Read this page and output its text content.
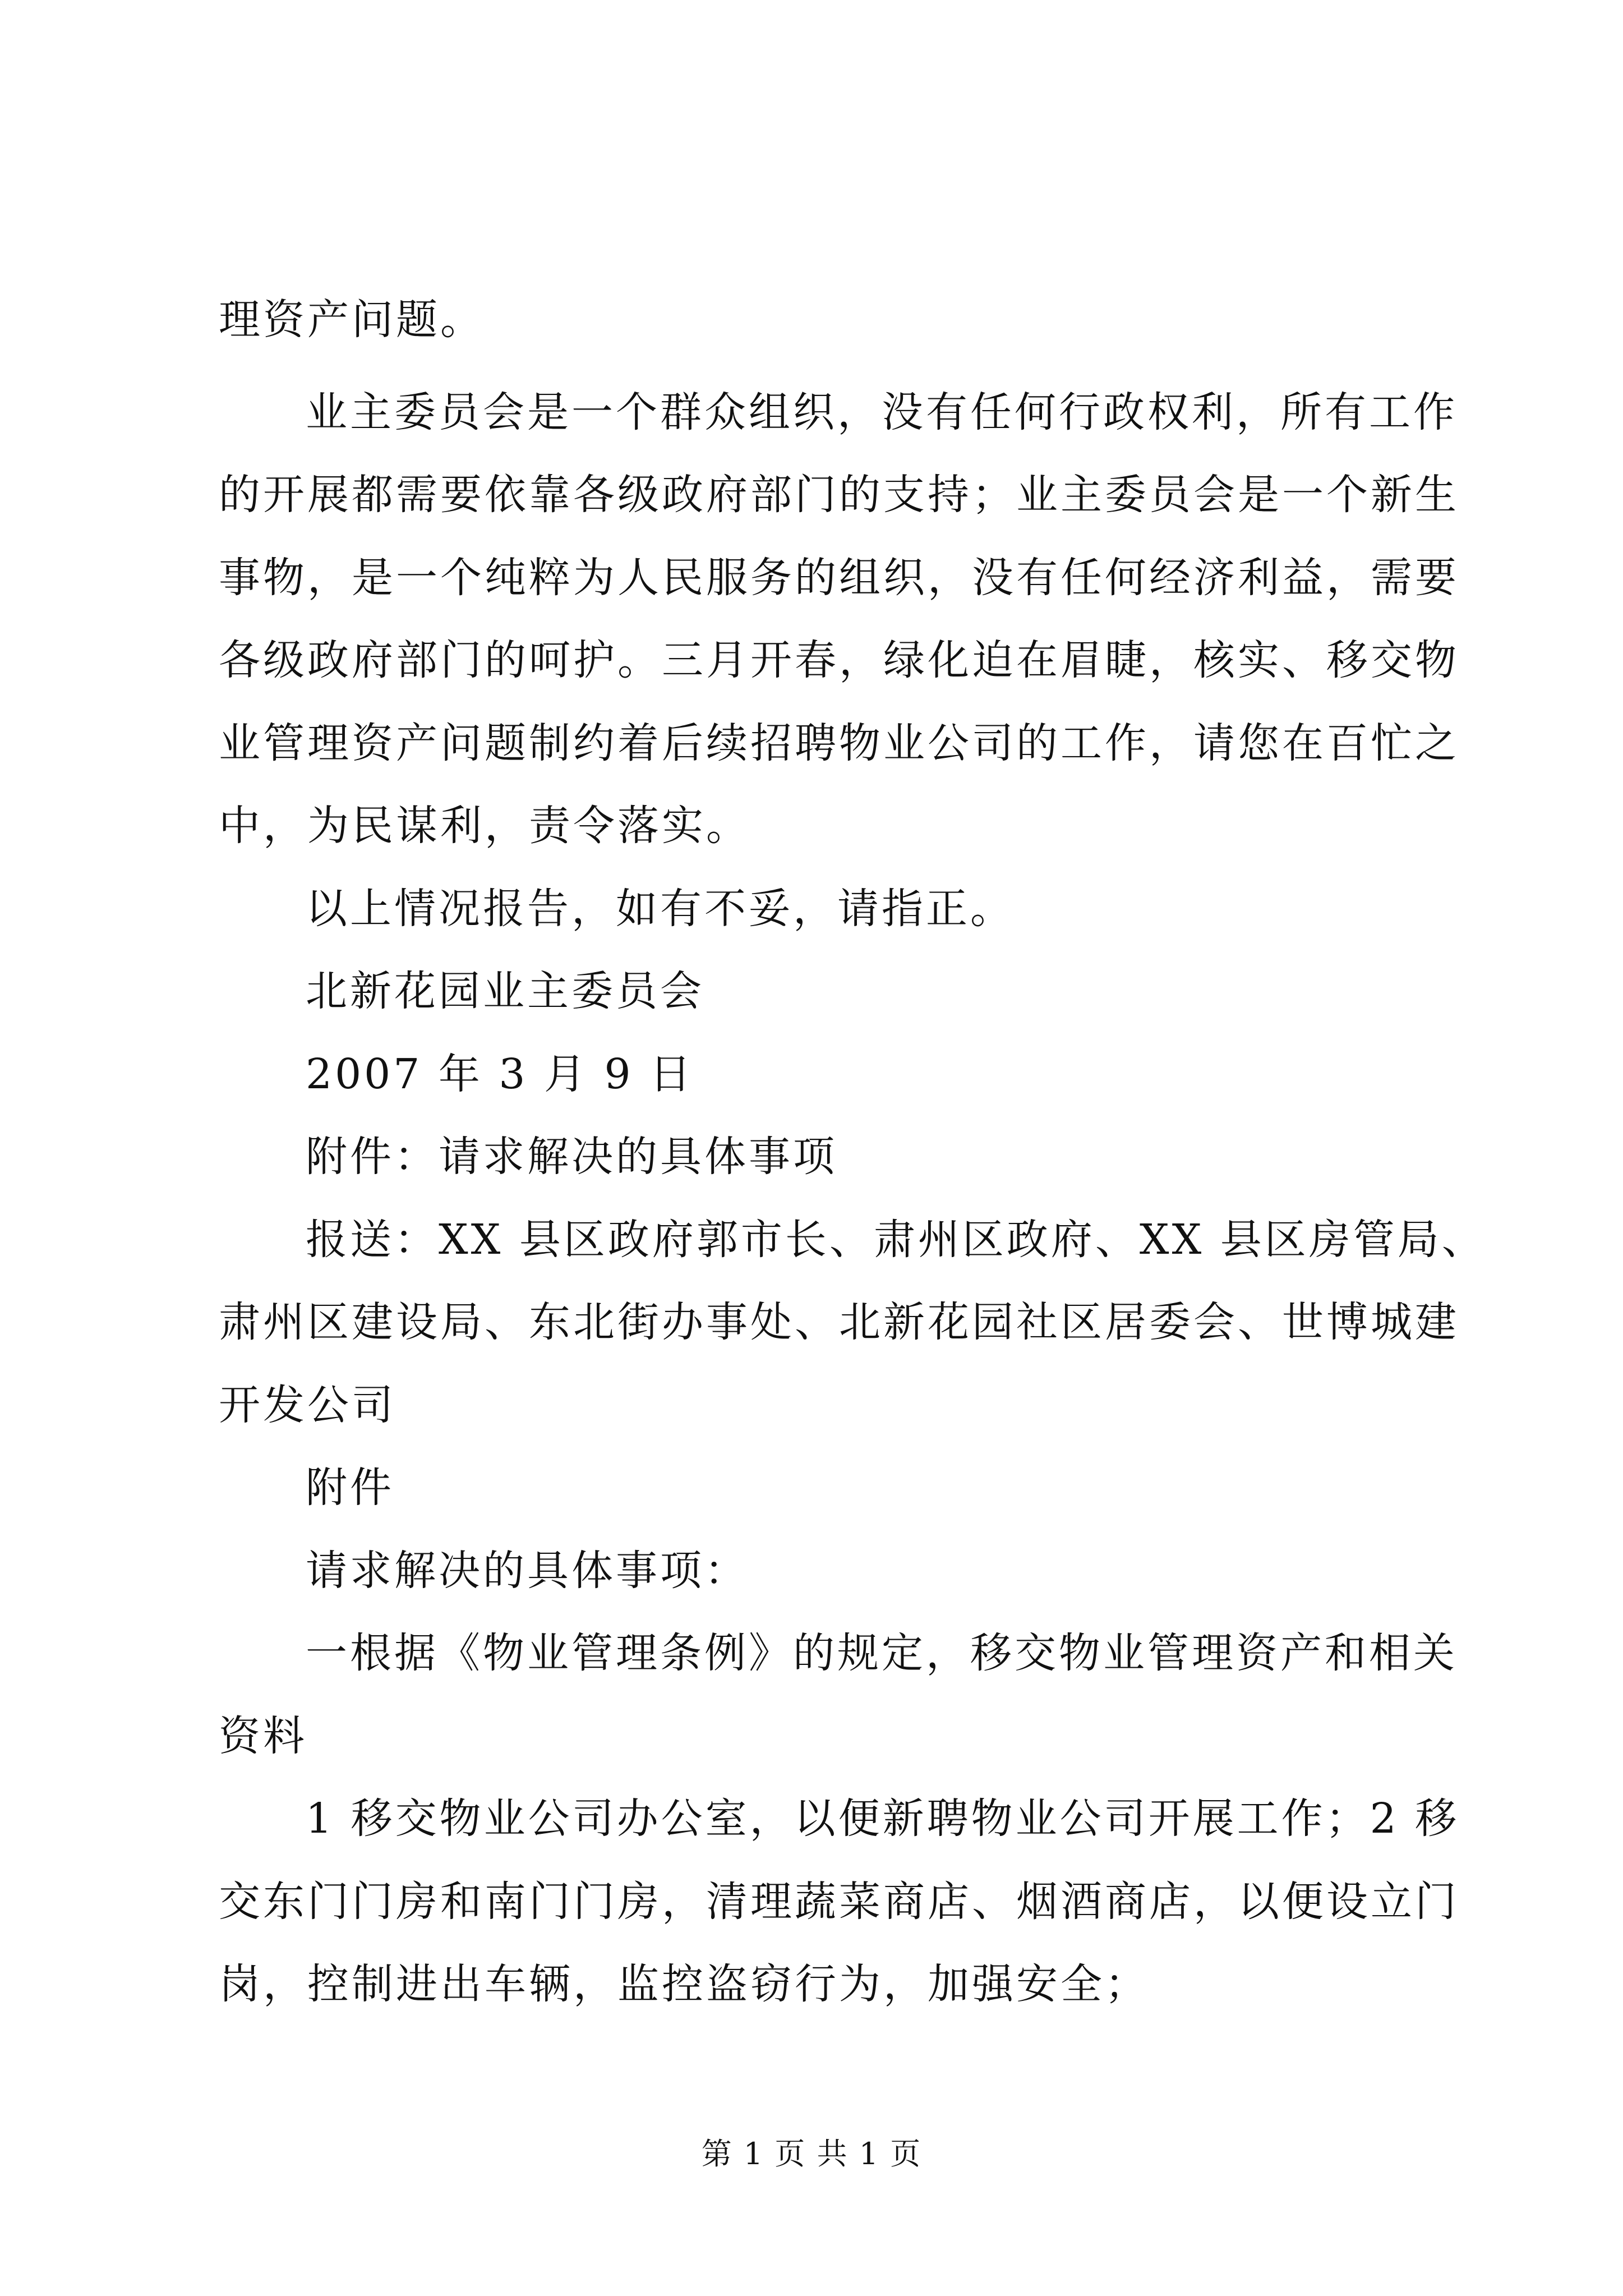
理资产问题。
业主委员会是一个群众组织，没有任何行政权利，所有工作
的开展都需要依靠各级政府部门的支持；业主委员会是一个新生
事物，是一个纯粹为人民服务的组织，没有任何经济利益，需要
各级政府部门的呵护。三月开春，绿化迫在眉睫，核实、移交物
业管理资产问题制约着后续招聘物业公司的工作，请您在百忙之
中，为民谋利，责令落实。
以上情况报告，如有不妥，请指正。
北新花园业主委员会
2007 年 3 月 9 日
附件：请求解决的具体事项
报送：XX 县区政府郭市长、肃州区政府、XX 县区房管局、
肃州区建设局、东北街办事处、北新花园社区居委会、世博城建
开发公司
附件
请求解决的具体事项：
一根据《物业管理条例》的规定，移交物业管理资产和相关
资料
1 移交物业公司办公室，以便新聘物业公司开展工作；2 移
交东门门房和南门门房，清理蔬菜商店、烟酒商店，以便设立门
岗，控制进出车辆，监控盗窃行为，加强安全；
第 1 页 共 1 页
